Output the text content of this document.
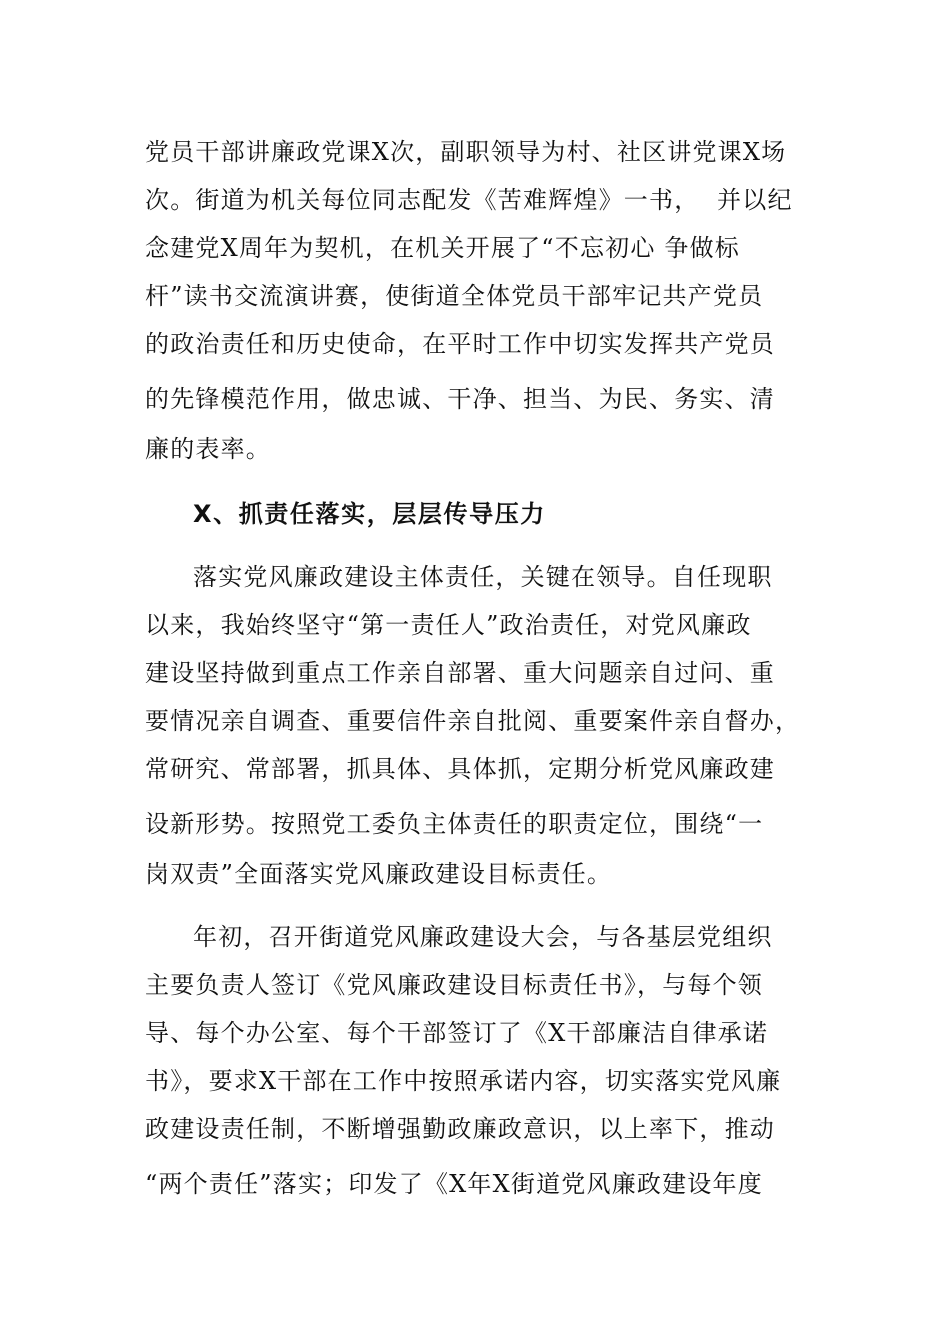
党员干部讲廉政党课X次，副职领导为村、社区讲党课X场
次。街道为机关每位同志配发《苦难辉煌》一书，  并以纪
念建党X周年为契机，在机关开展了“不忘初心 争做标
杆”读书交流演讲赛，使街道全体党员干部牢记共产党员
的政治责任和历史使命，在平时工作中切实发挥共产党员
的先锋模范作用，做忠诚、干净、担当、为民、务实、清
廉的表率。
X、抓责任落实，层层传导压力
落实党风廉政建设主体责任，关键在领导。自任现职
以来，我始终坚守“第一责任人”政治责任，对党风廉政
建设坚持做到重点工作亲自部署、重大问题亲自过问、重
要情况亲自调查、重要信件亲自批阅、重要案件亲自督办，
常研究、常部署，抓具体、具体抓，定期分析党风廉政建
设新形势。按照党工委负主体责任的职责定位，围绕“一
岗双责”全面落实党风廉政建设目标责任。
年初，召开街道党风廉政建设大会，与各基层党组织
主要负责人签订《党风廉政建设目标责任书》，与每个领
导、每个办公室、每个干部签订了《X干部廉洁自律承诺
书》，要求X干部在工作中按照承诺内容，切实落实党风廉
政建设责任制，不断增强勤政廉政意识，以上率下，推动
“两个责任”落实；印发了《X年X街道党风廉政建设年度
